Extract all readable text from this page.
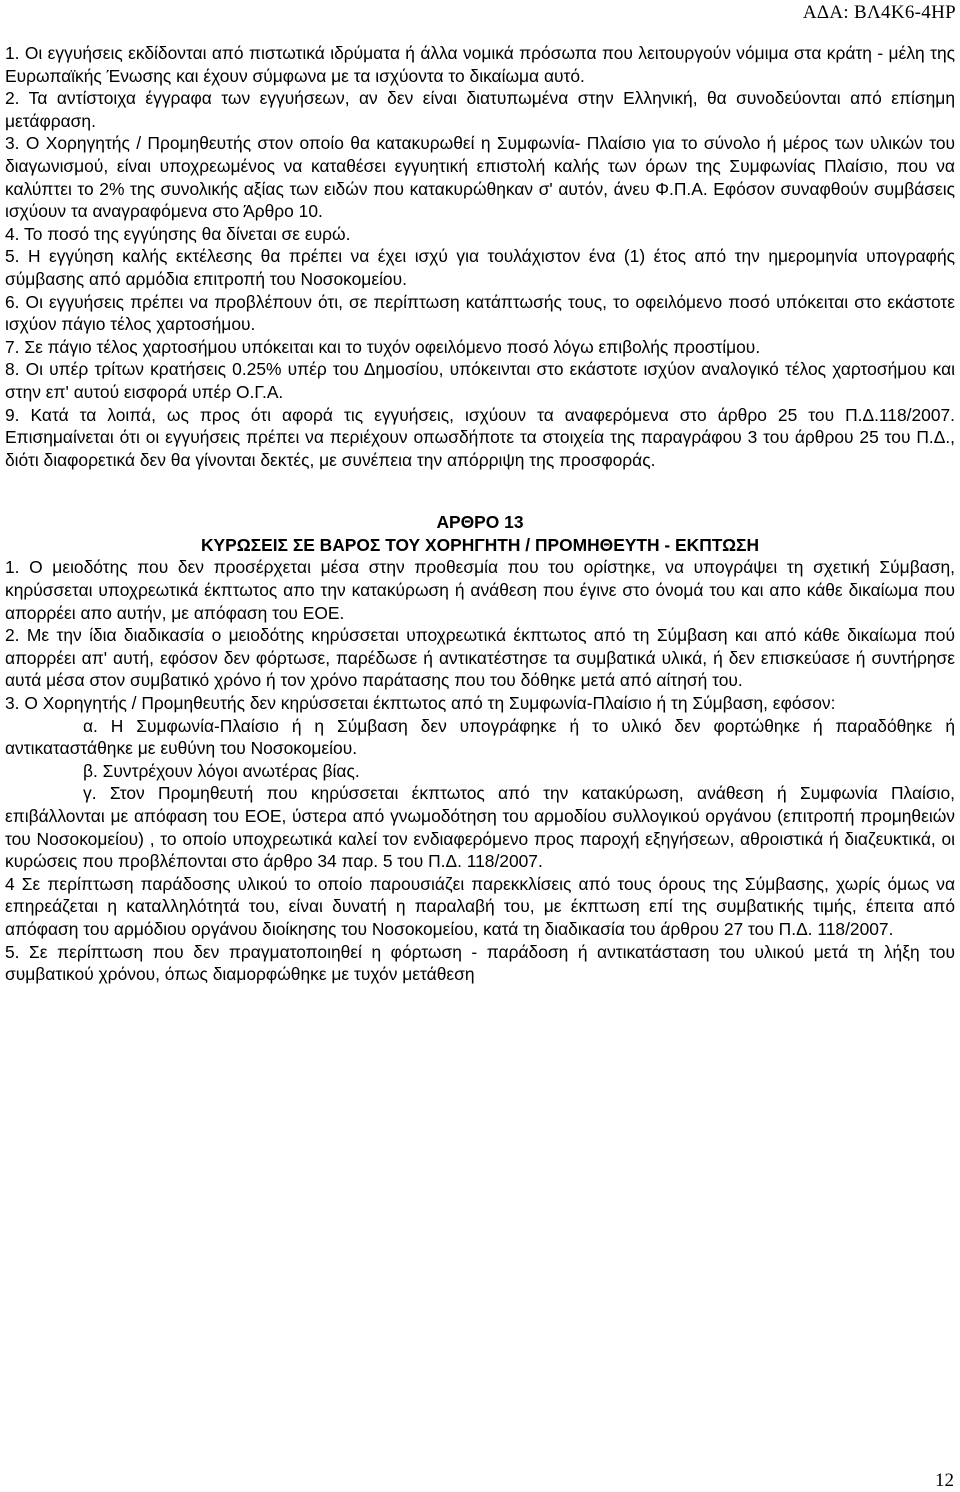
ΑΔΑ: ΒΛ4Κ6-4ΗΡ

1. Οι εγγυήσεις εκδίδονται από πιστωτικά ιδρύματα ή άλλα νομικά πρόσωπα που λειτουργούν νόμιμα στα κράτη - μέλη της Ευρωπαϊκής Ένωσης και έχουν σύμφωνα με τα ισχύοντα το δικαίωμα αυτό.

2. Τα αντίστοιχα έγγραφα των εγγυήσεων, αν δεν είναι διατυπωμένα στην Ελληνική, θα συνοδεύονται από επίσημη μετάφραση.

3. Ο Χορηγητής / Προμηθευτής στον οποίο θα κατακυρωθεί η Συμφωνία- Πλαίσιο για το σύνολο ή μέρος των υλικών του διαγωνισμού, είναι υποχρεωμένος να καταθέσει εγγυητική επιστολή καλής των όρων της Συμφωνίας Πλαίσιο, που να καλύπτει το 2% της συνολικής αξίας των ειδών που κατακυρώθηκαν σ' αυτόν, άνευ Φ.Π.Α. Εφόσον συναφθούν συμβάσεις ισχύουν τα αναγραφόμενα στο Άρθρο 10.

4. Το ποσό της εγγύησης θα δίνεται σε ευρώ.

5. Η εγγύηση καλής εκτέλεσης θα πρέπει να έχει ισχύ για τουλάχιστον ένα (1) έτος από την ημερομηνία υπογραφής σύμβασης από αρμόδια επιτροπή του Νοσοκομείου.

6. Οι εγγυήσεις πρέπει να προβλέπουν ότι, σε περίπτωση κατάπτωσής τους, το οφειλόμενο ποσό υπόκειται στο εκάστοτε ισχύον πάγιο τέλος χαρτοσήμου.

7. Σε πάγιο τέλος χαρτοσήμου υπόκειται και το τυχόν οφειλόμενο ποσό λόγω επιβολής προστίμου.

8. Οι υπέρ τρίτων κρατήσεις 0.25% υπέρ του Δημοσίου, υπόκεινται στο εκάστοτε ισχύον αναλογικό τέλος χαρτοσήμου και στην επ' αυτού εισφορά υπέρ Ο.Γ.Α.

9. Κατά τα λοιπά, ως προς ότι αφορά τις εγγυήσεις, ισχύουν τα αναφερόμενα στο άρθρο 25 του Π.Δ.118/2007. Επισημαίνεται ότι οι εγγυήσεις πρέπει να περιέχουν οπωσδήποτε τα στοιχεία της παραγράφου 3 του άρθρου 25 του Π.Δ., διότι διαφορετικά δεν θα γίνονται δεκτές, με συνέπεια την απόρριψη της προσφοράς.

ΑΡΘΡΟ 13

ΚΥΡΩΣΕΙΣ ΣΕ ΒΑΡΟΣ ΤΟΥ ΧΟΡΗΓΗΤΗ / ΠΡΟΜΗΘΕΥΤΗ - ΕΚΠΤΩΣΗ

1. Ο μειοδότης που δεν προσέρχεται μέσα στην προθεσμία που του ορίστηκε, να υπογράψει τη σχετική Σύμβαση, κηρύσσεται υποχρεωτικά έκπτωτος απο την κατακύρωση ή ανάθεση που έγινε στο όνομά του και απο κάθε δικαίωμα που απορρέει απο αυτήν, με απόφαση του ΕΟΕ.

2. Με την ίδια διαδικασία ο μειοδότης κηρύσσεται υποχρεωτικά έκπτωτος από τη Σύμβαση και από κάθε δικαίωμα πού απορρέει απ' αυτή, εφόσον δεν φόρτωσε, παρέδωσε ή αντικατέστησε τα συμβατικά υλικά, ή δεν επισκεύασε ή συντήρησε αυτά μέσα στον συμβατικό χρόνο ή τον χρόνο παράτασης που του δόθηκε μετά από αίτησή του.

3. Ο Χορηγητής / Προμηθευτής δεν κηρύσσεται έκπτωτος από τη Συμφωνία-Πλαίσιο ή τη Σύμβαση, εφόσον:

α. Η Συμφωνία-Πλαίσιο ή η Σύμβαση δεν υπογράφηκε ή το υλικό δεν φορτώθηκε ή παραδόθηκε ή αντικαταστάθηκε με ευθύνη του Νοσοκομείου.

β. Συντρέχουν λόγοι ανωτέρας βίας.

γ. Στον Προμηθευτή που κηρύσσεται έκπτωτος από την κατακύρωση, ανάθεση ή Συμφωνία Πλαίσιο, επιβάλλονται με απόφαση του ΕΟΕ, ύστερα από γνωμοδότηση του αρμοδίου συλλογικού οργάνου (επιτροπή προμηθειών του Νοσοκομείου) , το οποίο υποχρεωτικά καλεί τον ενδιαφερόμενο προς παροχή εξηγήσεων, αθροιστικά ή διαζευκτικά, οι κυρώσεις που προβλέπονται στο άρθρο 34 παρ. 5 του Π.Δ. 118/2007.

4 Σε περίπτωση παράδοσης υλικού το οποίο παρουσιάζει παρεκκλίσεις από τους όρους της Σύμβασης, χωρίς όμως να επηρεάζεται η καταλληλότητά του, είναι δυνατή η παραλαβή του, με έκπτωση επί της συμβατικής τιμής, έπειτα από απόφαση του αρμόδιου οργάνου διοίκησης του Νοσοκομείου, κατά τη διαδικασία του άρθρου 27 του Π.Δ. 118/2007.

5. Σε περίπτωση που δεν πραγματοποιηθεί η φόρτωση - παράδοση ή αντικατάσταση του υλικού μετά τη λήξη του συμβατικού χρόνου, όπως διαμορφώθηκε με τυχόν μετάθεση

12
